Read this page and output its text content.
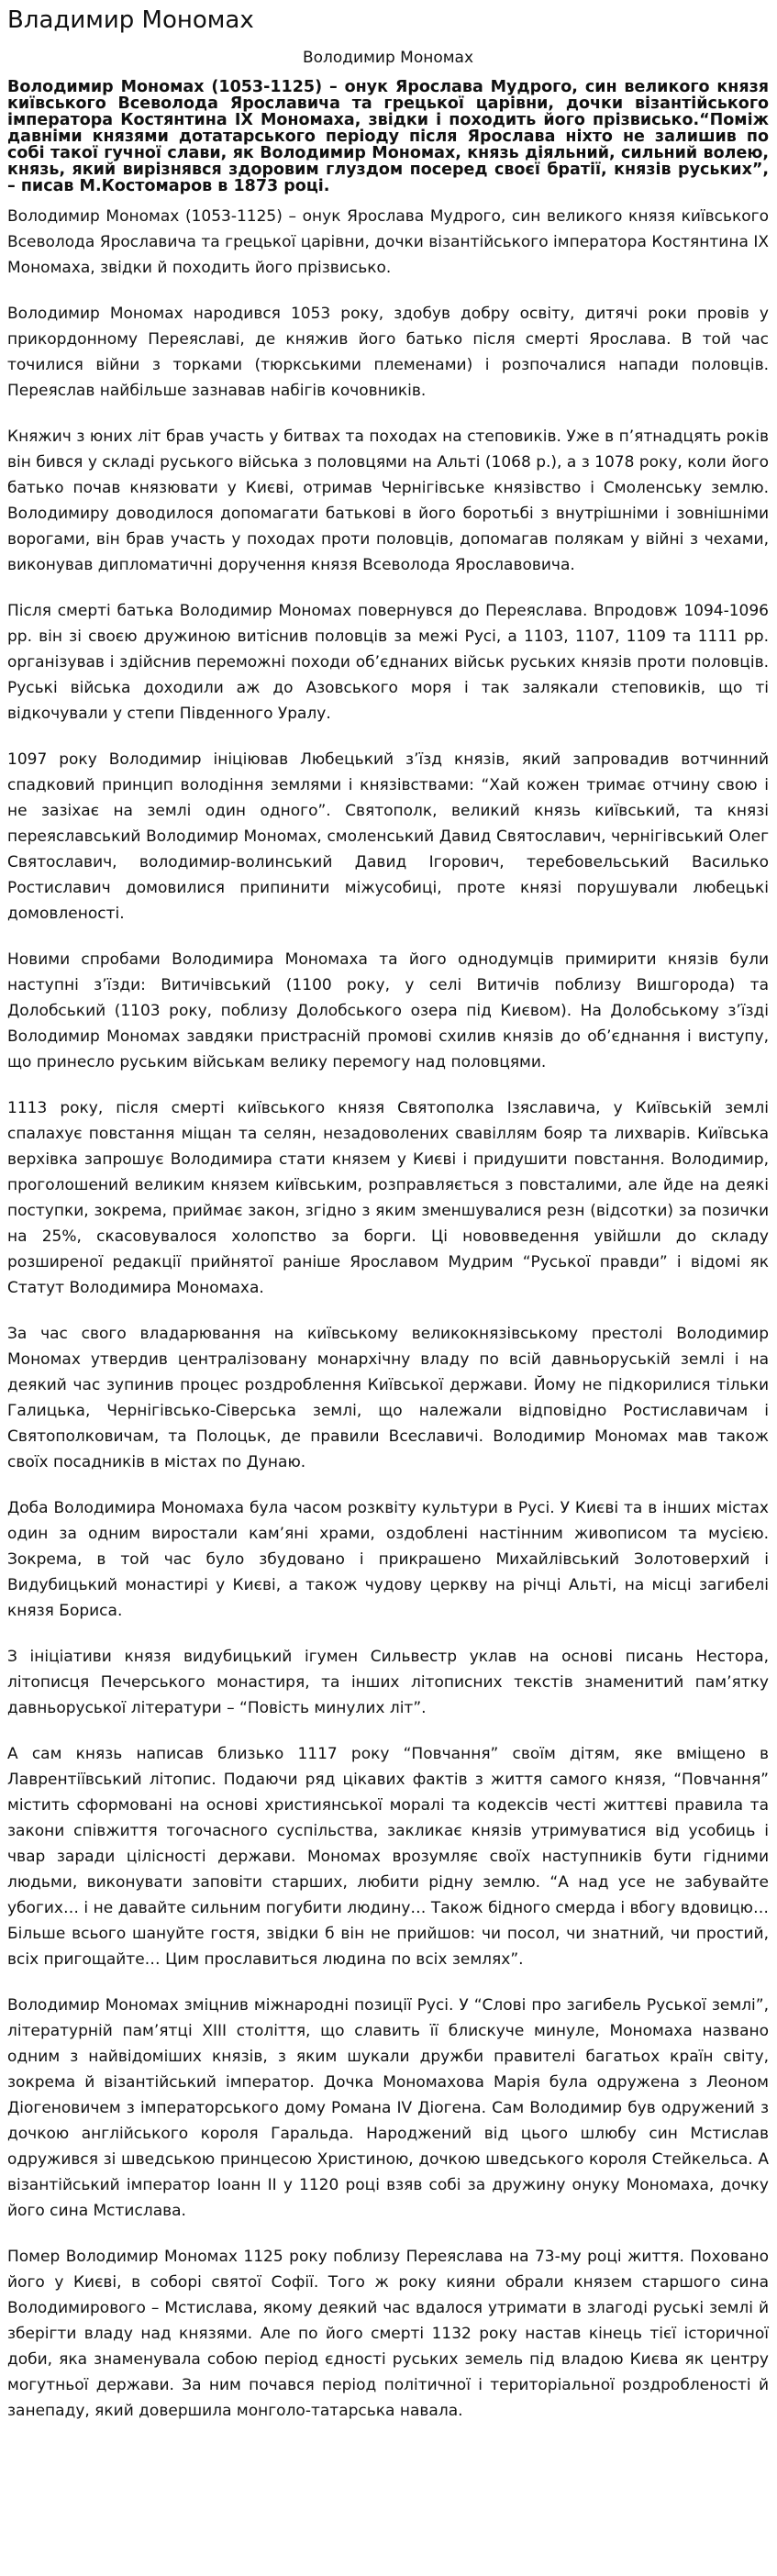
Владимир Мономах
Володимир Мономах

Володимир Мономах (1053-1125) – онук Ярослава Мудрого, син великого князя київського Всеволода Ярославича та грецької царівни, дочки візантійського імператора Костянтина IX Мономаха, звідки і походить його прізвисько.“Поміж давніми князями дотатарського періоду після Ярослава ніхто не залишив по собі такої гучної слави, як Володимир Мономах, князь діяльний, сильний волею, князь, який вирізнявся здоровим глуздом посеред своєї братії, князів руських”, – писав М.Костомаров в 1873 році.

Володимир Мономах (1053-1125) – онук Ярослава Мудрого, син великого князя київського Всеволода Ярославича та грецької царівни, дочки візантійського імператора Костянтина IX Мономаха, звідки й походить його прізвисько.

Володимир Мономах народився 1053 року, здобув добру освіту, дитячі роки провів у прикордонному Переяславі, де княжив його батько після смерті Ярослава. В той час точилися війни з торками (тюркськими племенами) і розпочалися напади половців. Переяслав найбільше зазнавав набігів кочовників.

Княжич з юних літ брав участь у битвах та походах на степовиків. Уже в п’ятнадцять років він бився у складі руського війська з половцями на Альті (1068 р.), а з 1078 року, коли його батько почав князювати у Києві, отримав Чернігівське князівство і Смоленську землю. Володимиру доводилося допомагати батькові в його боротьбі з внутрішніми і зовнішніми ворогами, він брав участь у походах проти половців, допомагав полякам у війні з чехами, виконував дипломатичні доручення князя Всеволода Ярославовича.

Після смерті батька Володимир Мономах повернувся до Переяслава. Впродовж 1094-1096 рр. він зі своєю дружиною витіснив половців за межі Русі, а 1103, 1107, 1109 та 1111 рр. організував і здійснив переможні походи об’єднаних військ руських князів проти половців. Руські війська доходили аж до Азовського моря і так залякали степовиків, що ті відкочували у степи Південного Уралу.

1097 року Володимир ініціював Любецький з’їзд князів, який запровадив вотчинний спадковий принцип володіння землями і князівствами: “Хай кожен тримає отчину свою і не зазіхає на землі один одного”. Святополк, великий князь київський, та князі переяславський Володимир Мономах, смоленський Давид Святославич, чернігівський Олег Святославич, володимир-волинський Давид Ігорович, теребовельський Василько Ростиславич домовилися припинити міжусобиці, проте князі порушували любецькі домовленості.

Новими спробами Володимира Мономаха та його однодумців примирити князів були наступні з’їзди: Витичівський (1100 року, у селі Витичів поблизу Вишгорода) та Долобський (1103 року, поблизу Долобського озера під Києвом). На Долобському з’їзді Володимир Мономах завдяки пристрасній промові схилив князів до об’єднання і виступу, що принесло руським військам велику перемогу над половцями.

1113 року, після смерті київського князя Святополка Ізяславича, у Київській землі спалахує повстання міщан та селян, незадоволених свавіллям бояр та лихварів. Київська верхівка запрошує Володимира стати князем у Києві і придушити повстання. Володимир, проголошений великим князем київським, розправляється з повсталими, але йде на деякі поступки, зокрема, приймає закон, згідно з яким зменшувалися резн (відсотки) за позички на 25%, скасовувалося холопство за борги. Ці нововведення увійшли до складу розширеної редакції прийнятої раніше Ярославом Мудрим “Руської правди” і відомі як Статут Володимира Мономаха.

За час свого владарювання на київському великокнязівському престолі Володимир Мономах утвердив централізовану монархічну владу по всій давньоруській землі і на деякий час зупинив процес роздроблення Київської держави. Йому не підкорилися тільки Галицька, Чернігівсько-Сіверська землі, що належали відповідно Ростиславичам і Святополковичам, та Полоцьк, де правили Всеславичі. Володимир Мономах мав також своїх посадників в містах по Дунаю.

Доба Володимира Мономаха була часом розквіту культури в Русі. У Києві та в інших містах один за одним виростали кам’яні храми, оздоблені настінним живописом та мусією. Зокрема, в той час було збудовано і прикрашено Михайлівський Золотоверхий і Видубицький монастирі у Києві, а також чудову церкву на річці Альті, на місці загибелі князя Бориса.

З ініціативи князя видубицький ігумен Сильвестр уклав на основі писань Нестора, літописця Печерського монастиря, та інших літописних текстів знаменитий пам’ятку давньоруської літератури – “Повість минулих літ”.

А сам князь написав близько 1117 року “Повчання” своїм дітям, яке вміщено в Лаврентіївський літопис. Подаючи ряд цікавих фактів з життя самого князя, “Повчання” містить сформовані на основі християнської моралі та кодексів честі життєві правила та закони співжиття тогочасного суспільства, закликає князів утримуватися від усобиць і чвар заради цілісності держави. Мономах врозумляє своїх наступників бути гідними людьми, виконувати заповіти старших, любити рідну землю. “А над усе не забувайте убогих… і не давайте сильним погубити людину… Також бідного смерда і вбогу вдовицю… Більше всього шануйте гостя, звідки б він не прийшов: чи посол, чи знатний, чи простий, всіх пригощайте… Цим прославиться людина по всіх землях”.

Володимир Мономах зміцнив міжнародні позиції Русі. У “Слові про загибель Руської землі”, літературній пам’ятці ХІІІ століття, що славить її блискуче минуле, Мономаха названо одним з найвідоміших князів, з яким шукали дружби правителі багатьох країн світу, зокрема й візантійський імператор. Дочка Мономахова Марія була одружена з Леоном Діогеновичем з імператорського дому Романа IV Діогена. Сам Володимир був одружений з дочкою англійського короля Гаральда. Народжений від цього шлюбу син Мстислав одружився зі шведською принцесою Христиною, дочкою шведського короля Стейкельса. А візантійський імператор Іоанн ІІ у 1120 році взяв собі за дружину онуку Мономаха, дочку його сина Мстислава.

Помер Володимир Мономах 1125 року поблизу Переяслава на 73-му році життя. Поховано його у Києві, в соборі святої Софії. Того ж року кияни обрали князем старшого сина Володимирового – Мстислава, якому деякий час вдалося утримати в злагоді руські землі й зберігти владу над князями. Але по його смерті 1132 року настав кінець тієї історичної доби, яка знаменувала собою період єдності руських земель під владою Києва як центру могутньої держави. За ним почався період політичної і територіальної роздробленості й занепаду, який довершила монголо-татарська навала.
